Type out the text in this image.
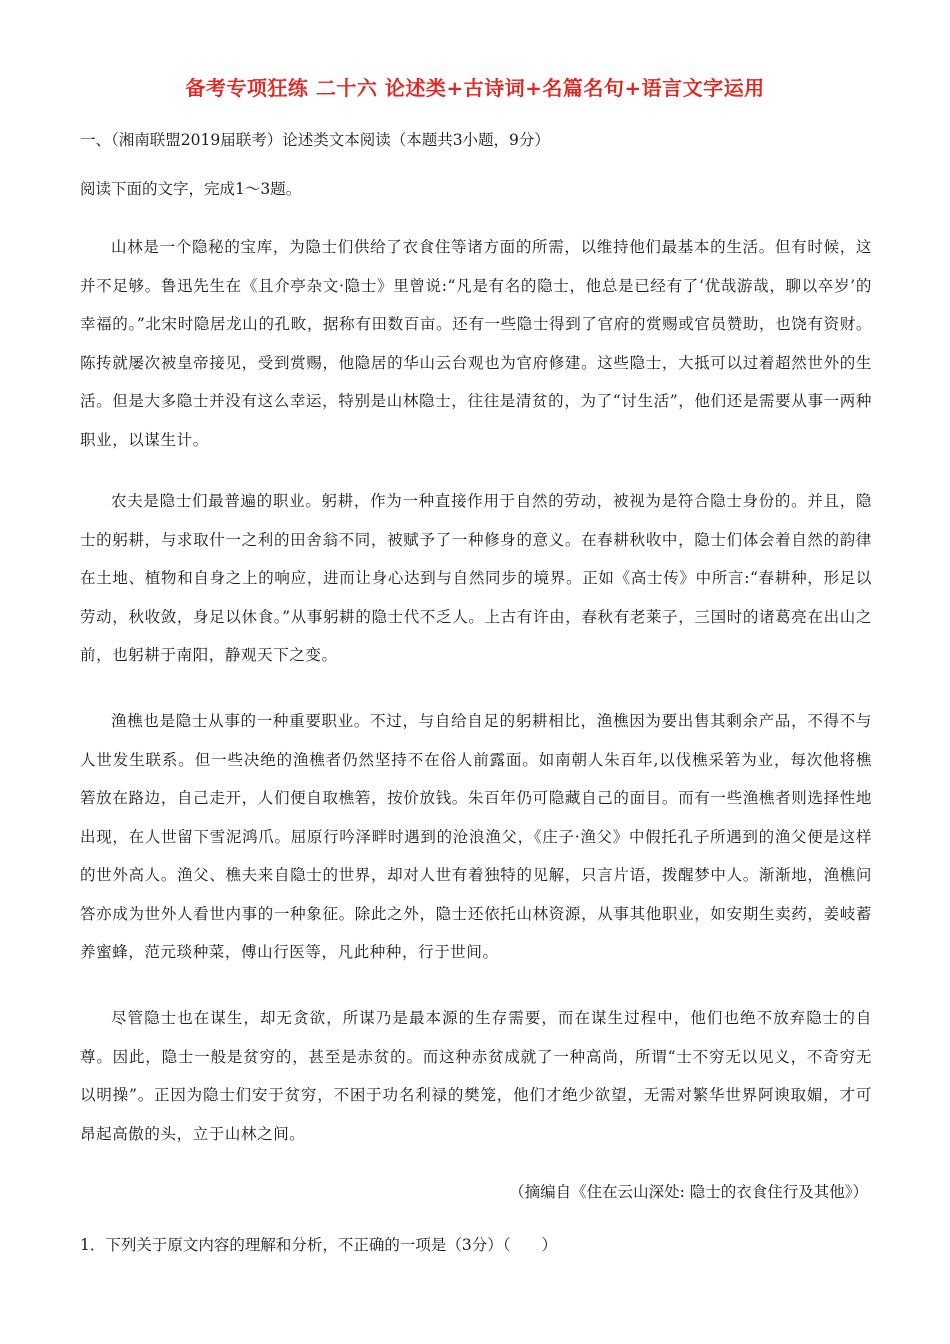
备考专项狂练 二十六 论述类+古诗词+名篇名句+语言文字运用
一、（湘南联盟2019届联考）论述类文本阅读（本题共3小题，9分）
阅读下面的文字，完成1～3题。

山林是一个隐秘的宝库，为隐士们供给了衣食住等诸方面的所需，以维持他们最基本的生活。但有时候，这并不足够。鲁迅先生在《且介亭杂文·隐士》里曾说:“凡是有名的隐士，他总是已经有了‘优哉游哉，聊以卒岁’的幸福的。”北宋时隐居龙山的孔畋，据称有田数百亩。还有一些隐士得到了官府的赏赐或官员赞助，也饶有资财。陈抟就屡次被皇帝接见，受到赏赐，他隐居的华山云台观也为官府修建。这些隐士，大抵可以过着超然世外的生活。但是大多隐士并没有这么幸运，特别是山林隐士，往往是清贫的，为了“讨生活”，他们还是需要从事一两种职业，以谋生计。

农夫是隐士们最普遍的职业。躬耕，作为一种直接作用于自然的劳动，被视为是符合隐士身份的。并且，隐士的躬耕，与求取什一之利的田舍翁不同，被赋予了一种修身的意义。在春耕秋收中，隐士们体会着自然的韵律在土地、植物和自身之上的响应，进而让身心达到与自然同步的境界。正如《高士传》中所言:“春耕种，形足以劳动，秋收敛，身足以休食。”从事躬耕的隐士代不乏人。上古有许由，春秋有老莱子，三国时的诸葛亮在出山之前，也躬耕于南阳，静观天下之变。

渔樵也是隐士从事的一种重要职业。不过，与自给自足的躬耕相比，渔樵因为要出售其剩余产品，不得不与人世发生联系。但一些决绝的渔樵者仍然坚持不在俗人前露面。如南朝人朱百年,以伐樵采箬为业，每次他将樵箬放在路边，自己走开，人们便自取樵箬，按价放钱。朱百年仍可隐藏自己的面目。而有一些渔樵者则选择性地出现，在人世留下雪泥鸿爪。屈原行吟泽畔时遇到的沧浪渔父，《庄子·渔父》中假托孔子所遇到的渔父便是这样的世外高人。渔父、樵夫来自隐士的世界，却对人世有着独特的见解，只言片语，拨醒梦中人。渐渐地，渔樵问答亦成为世外人看世内事的一种象征。除此之外，隐士还依托山林资源，从事其他职业，如安期生卖药，姜岐蓄养蜜蜂，范元琰种菜，傅山行医等，凡此种种，行于世间。

尽管隐士也在谋生，却无贪欲，所谋乃是最本源的生存需要，而在谋生过程中，他们也绝不放弃隐士的自尊。因此，隐士一般是贫穷的，甚至是赤贫的。而这种赤贫成就了一种高尚，所谓“士不穷无以见义，不奇穷无以明操”。正因为隐士们安于贫穷，不困于功名利禄的樊笼，他们才绝少欲望，无需对繁华世界阿谀取媚，才可昂起高傲的头，立于山林之间。

（摘编自《住在云山深处: 隐士的衣食住行及其他》）
1．下列关于原文内容的理解和分析，不正确的一项是（3分）（　　）
